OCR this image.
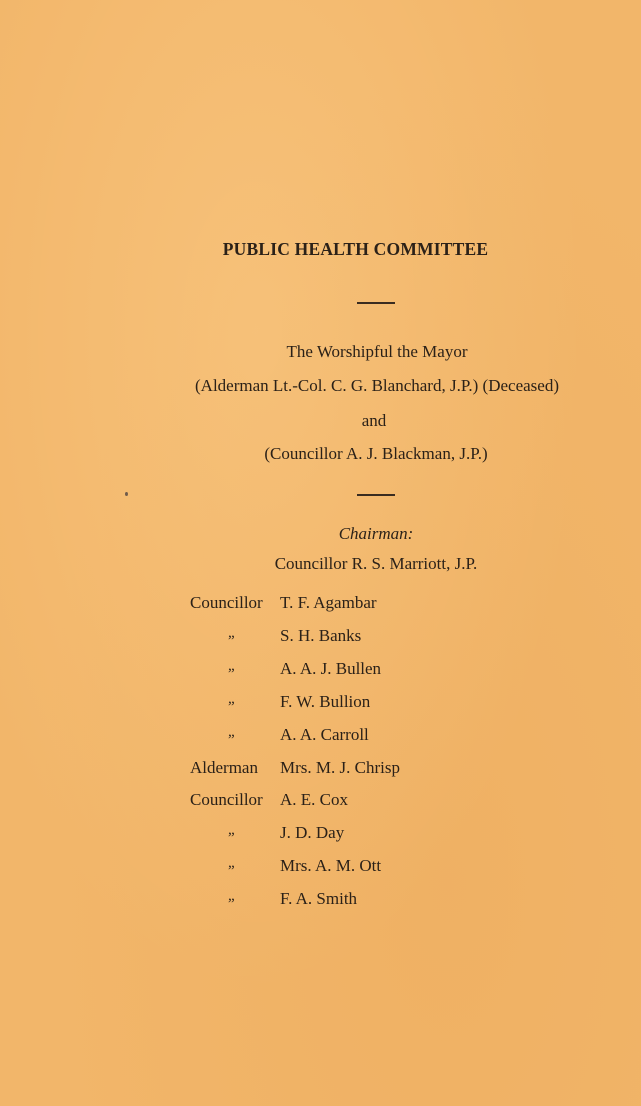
PUBLIC HEALTH COMMITTEE
The Worshipful the Mayor
(Alderman Lt.-Col. C. G. Blanchard, J.P.) (Deceased)
and
(Councillor A. J. Blackman, J.P.)
Chairman:
Councillor R. S. Marriott, J.P.
Councillor	T. F. Agambar
„	S. H. Banks
„	A. A. J. Bullen
„	F. W. Bullion
„	A. A. Carroll
Alderman	Mrs. M. J. Chrisp
Councillor	A. E. Cox
„	J. D. Day
„	Mrs. A. M. Ott
„	F. A. Smith
